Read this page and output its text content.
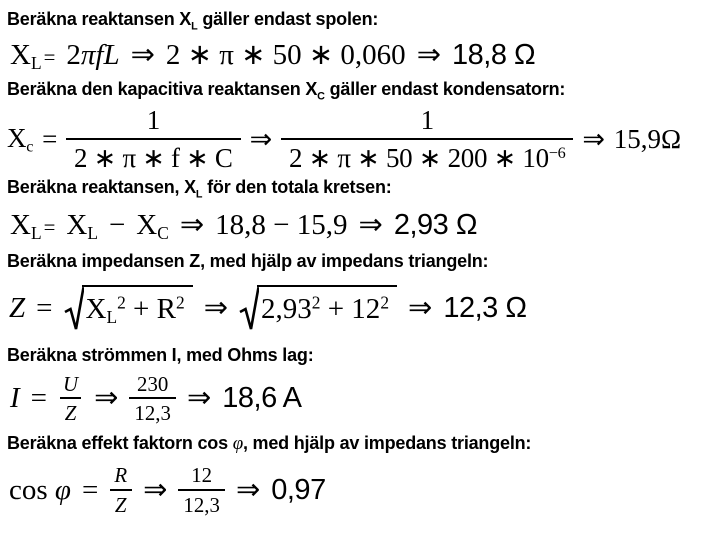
Beräkna reaktansen $X_L$ gäller endast spolen:

XL= 2πfL ⇒ 2 ∗ π ∗ 50 ∗ 0,060 ⇒ 18,8 Ω

Beräkna den kapacitiva reaktansen $X_C$ gäller endast kondensatorn:

$Xc = \frac{1}{2 ∗ \pi ∗ f ∗ C}$ ⇒ $\frac{1}{2 ∗ \pi ∗ 50 ∗ 200 ∗ 10^{-6}}$ ⇒ 15,9Ω

Beräkna reaktansen, $X_L$ för den totala kretsen:

XL= XL − XC ⇒ 18,8 − 15,9 ⇒ 2,93 Ω

Beräkna impedansen Z, med hjälp av impedans triangeln:

$Z = XL^2 + R^2$ ⇒ $2,93^2 + 12^2$ ⇒ 12,3 Ω

Beräkna strömmen I, med Ohms lag:

$I = \frac{U}{Z}$ ⇒ $\frac{230}{12,3}$ ⇒ 18,6 A

Beräkna effekt faktorn cos φ, med hjälp av impedans triangeln:

$\cos \varphi = \frac{R}{Z}$ ⇒ $\frac{12}{12,3}$ ⇒ 0,97
